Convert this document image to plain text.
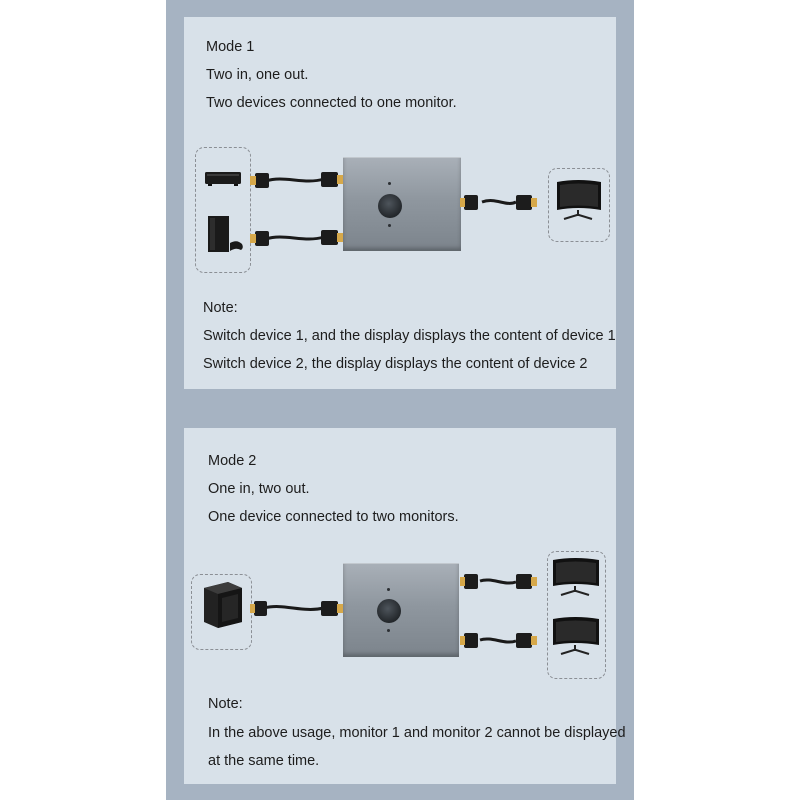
Mode 1

Two in, one out.

Two devices connected to one monitor.

Note:

Switch device 1, and the display displays the content of device 1

Switch device 2, the display displays the content of device 2

Mode 2

One in, two out.

One device connected to two monitors.

Note:

In the above usage, monitor 1 and monitor 2 cannot be displayed

at the same time.
